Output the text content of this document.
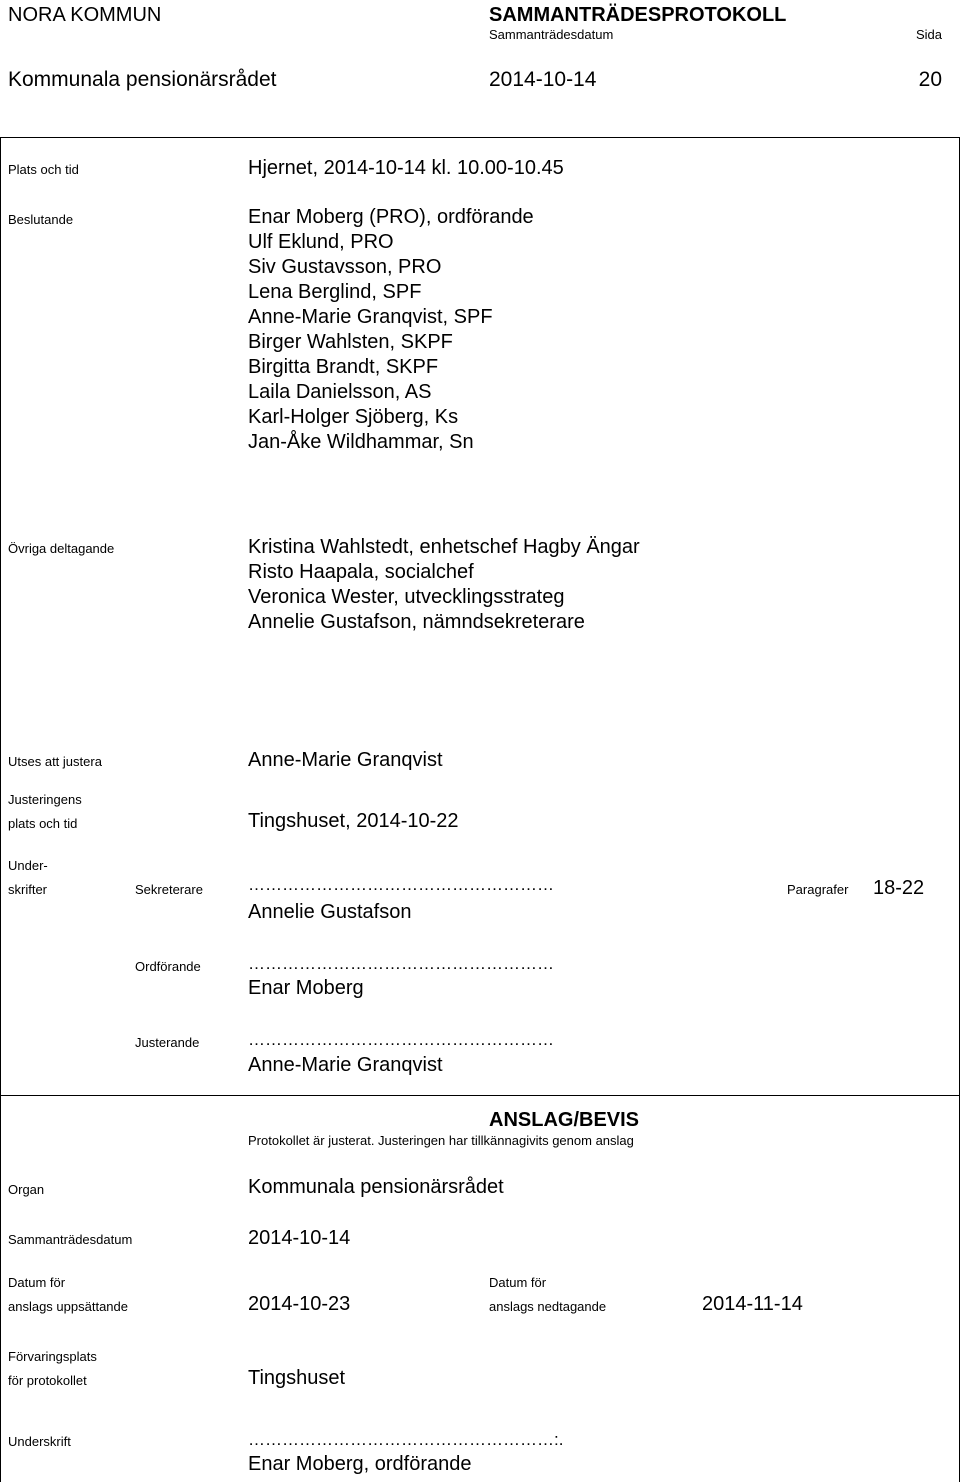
NORA KOMMUN	SAMMANTRÄDESPROTOKOLL
Sammanträdesdatum	Sida
Kommunala pensionärsrådet	2014-10-14	20
Plats och tid	Hjernet, 2014-10-14 kl. 10.00-10.45
Beslutande	Enar Moberg (PRO), ordförande
Ulf Eklund, PRO
Siv Gustavsson, PRO
Lena Berglind, SPF
Anne-Marie Granqvist, SPF
Birger Wahlsten, SKPF
Birgitta Brandt, SKPF
Laila Danielsson, AS
Karl-Holger Sjöberg, Ks
Jan-Åke Wildhammar, Sn
Övriga deltagande	Kristina Wahlstedt, enhetschef Hagby Ängar
Risto Haapala, socialchef
Veronica Wester, utvecklingsstrateg
Annelie Gustafson, nämndsekreterare
Utses att justera	Anne-Marie Granqvist
Justeringens
plats och tid	Tingshuset, 2014-10-22
Under-
skrifter	Sekreterare	………………………………………………
Annelie Gustafson
Paragrafer 18-22
Ordförande	………………………………………………
Enar Moberg
Justerande	………………………………………………
Anne-Marie Granqvist
ANSLAG/BEVIS
Protokollet är justerat. Justeringen har tillkännagivits genom anslag
Organ	Kommunala pensionärsrådet
Sammanträdesdatum	2014-10-14
Datum för
anslags uppsättande	2014-10-23
Datum för
anslags nedtagande	2014-11-14
Förvaringsplats
för protokollet	Tingshuset
Underskrift	………………………………………………:.
Enar Moberg, ordförande
